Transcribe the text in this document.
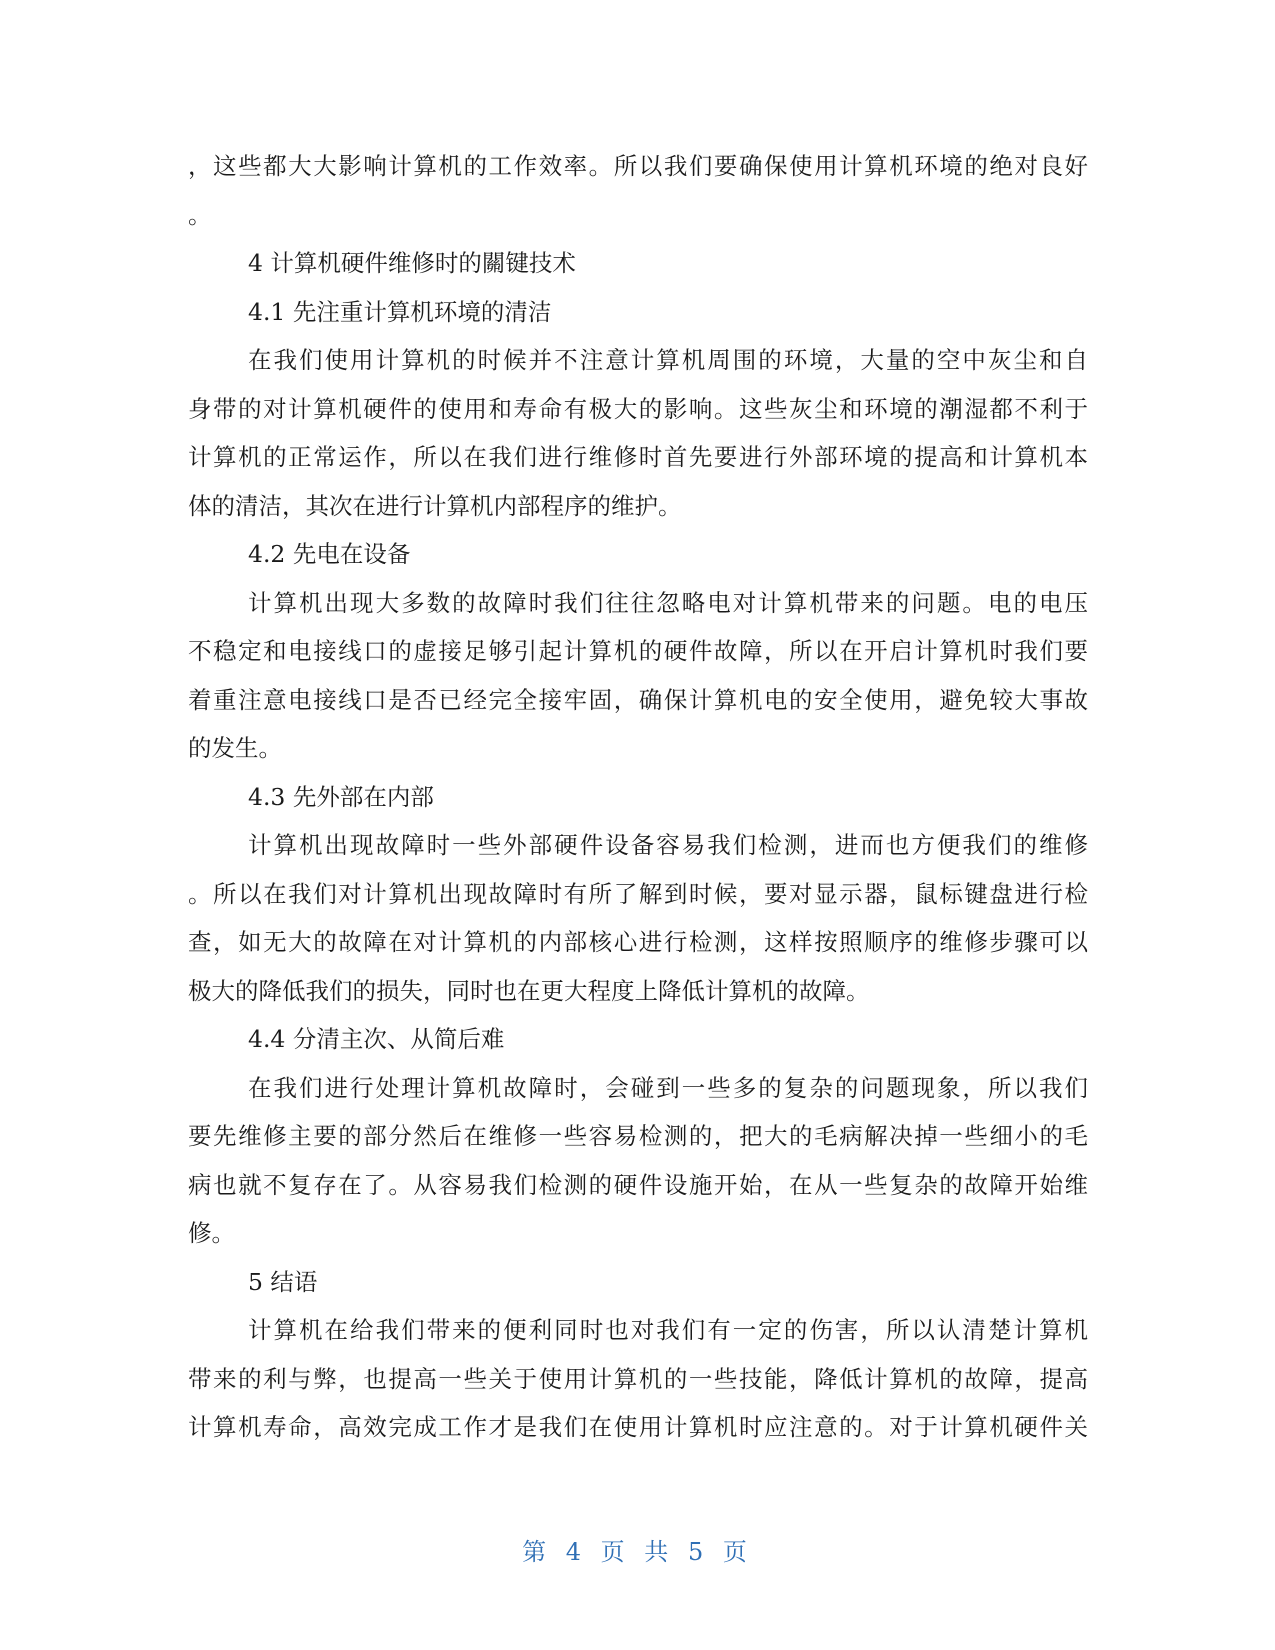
，这些都大大影响计算机的工作效率。所以我们要确保使用计算机环境的绝对良好
。
4 计算机硬件维修时的關键技术
4.1 先注重计算机环境的清洁
在我们使用计算机的时候并不注意计算机周围的环境，大量的空中灰尘和自
身带的对计算机硬件的使用和寿命有极大的影响。这些灰尘和环境的潮湿都不利于
计算机的正常运作，所以在我们进行维修时首先要进行外部环境的提高和计算机本
体的清洁，其次在进行计算机内部程序的维护。
4.2 先电在设备
计算机出现大多数的故障时我们往往忽略电对计算机带来的问题。电的电压
不稳定和电接线口的虚接足够引起计算机的硬件故障，所以在开启计算机时我们要
着重注意电接线口是否已经完全接牢固，确保计算机电的安全使用，避免较大事故
的发生。
4.3 先外部在内部
计算机出现故障时一些外部硬件设备容易我们检测，进而也方便我们的维修
。所以在我们对计算机出现故障时有所了解到时候，要对显示器，鼠标键盘进行检
查，如无大的故障在对计算机的内部核心进行检测，这样按照顺序的维修步骤可以
极大的降低我们的损失，同时也在更大程度上降低计算机的故障。
4.4 分清主次、从简后难
在我们进行处理计算机故障时，会碰到一些多的复杂的问题现象，所以我们
要先维修主要的部分然后在维修一些容易检测的，把大的毛病解决掉一些细小的毛
病也就不复存在了。从容易我们检测的硬件设施开始，在从一些复杂的故障开始维
修。
5 结语
计算机在给我们带来的便利同时也对我们有一定的伤害，所以认清楚计算机
带来的利与弊，也提高一些关于使用计算机的一些技能，降低计算机的故障，提高
计算机寿命，高效完成工作才是我们在使用计算机时应注意的。对于计算机硬件关
第 4 页 共 5 页
